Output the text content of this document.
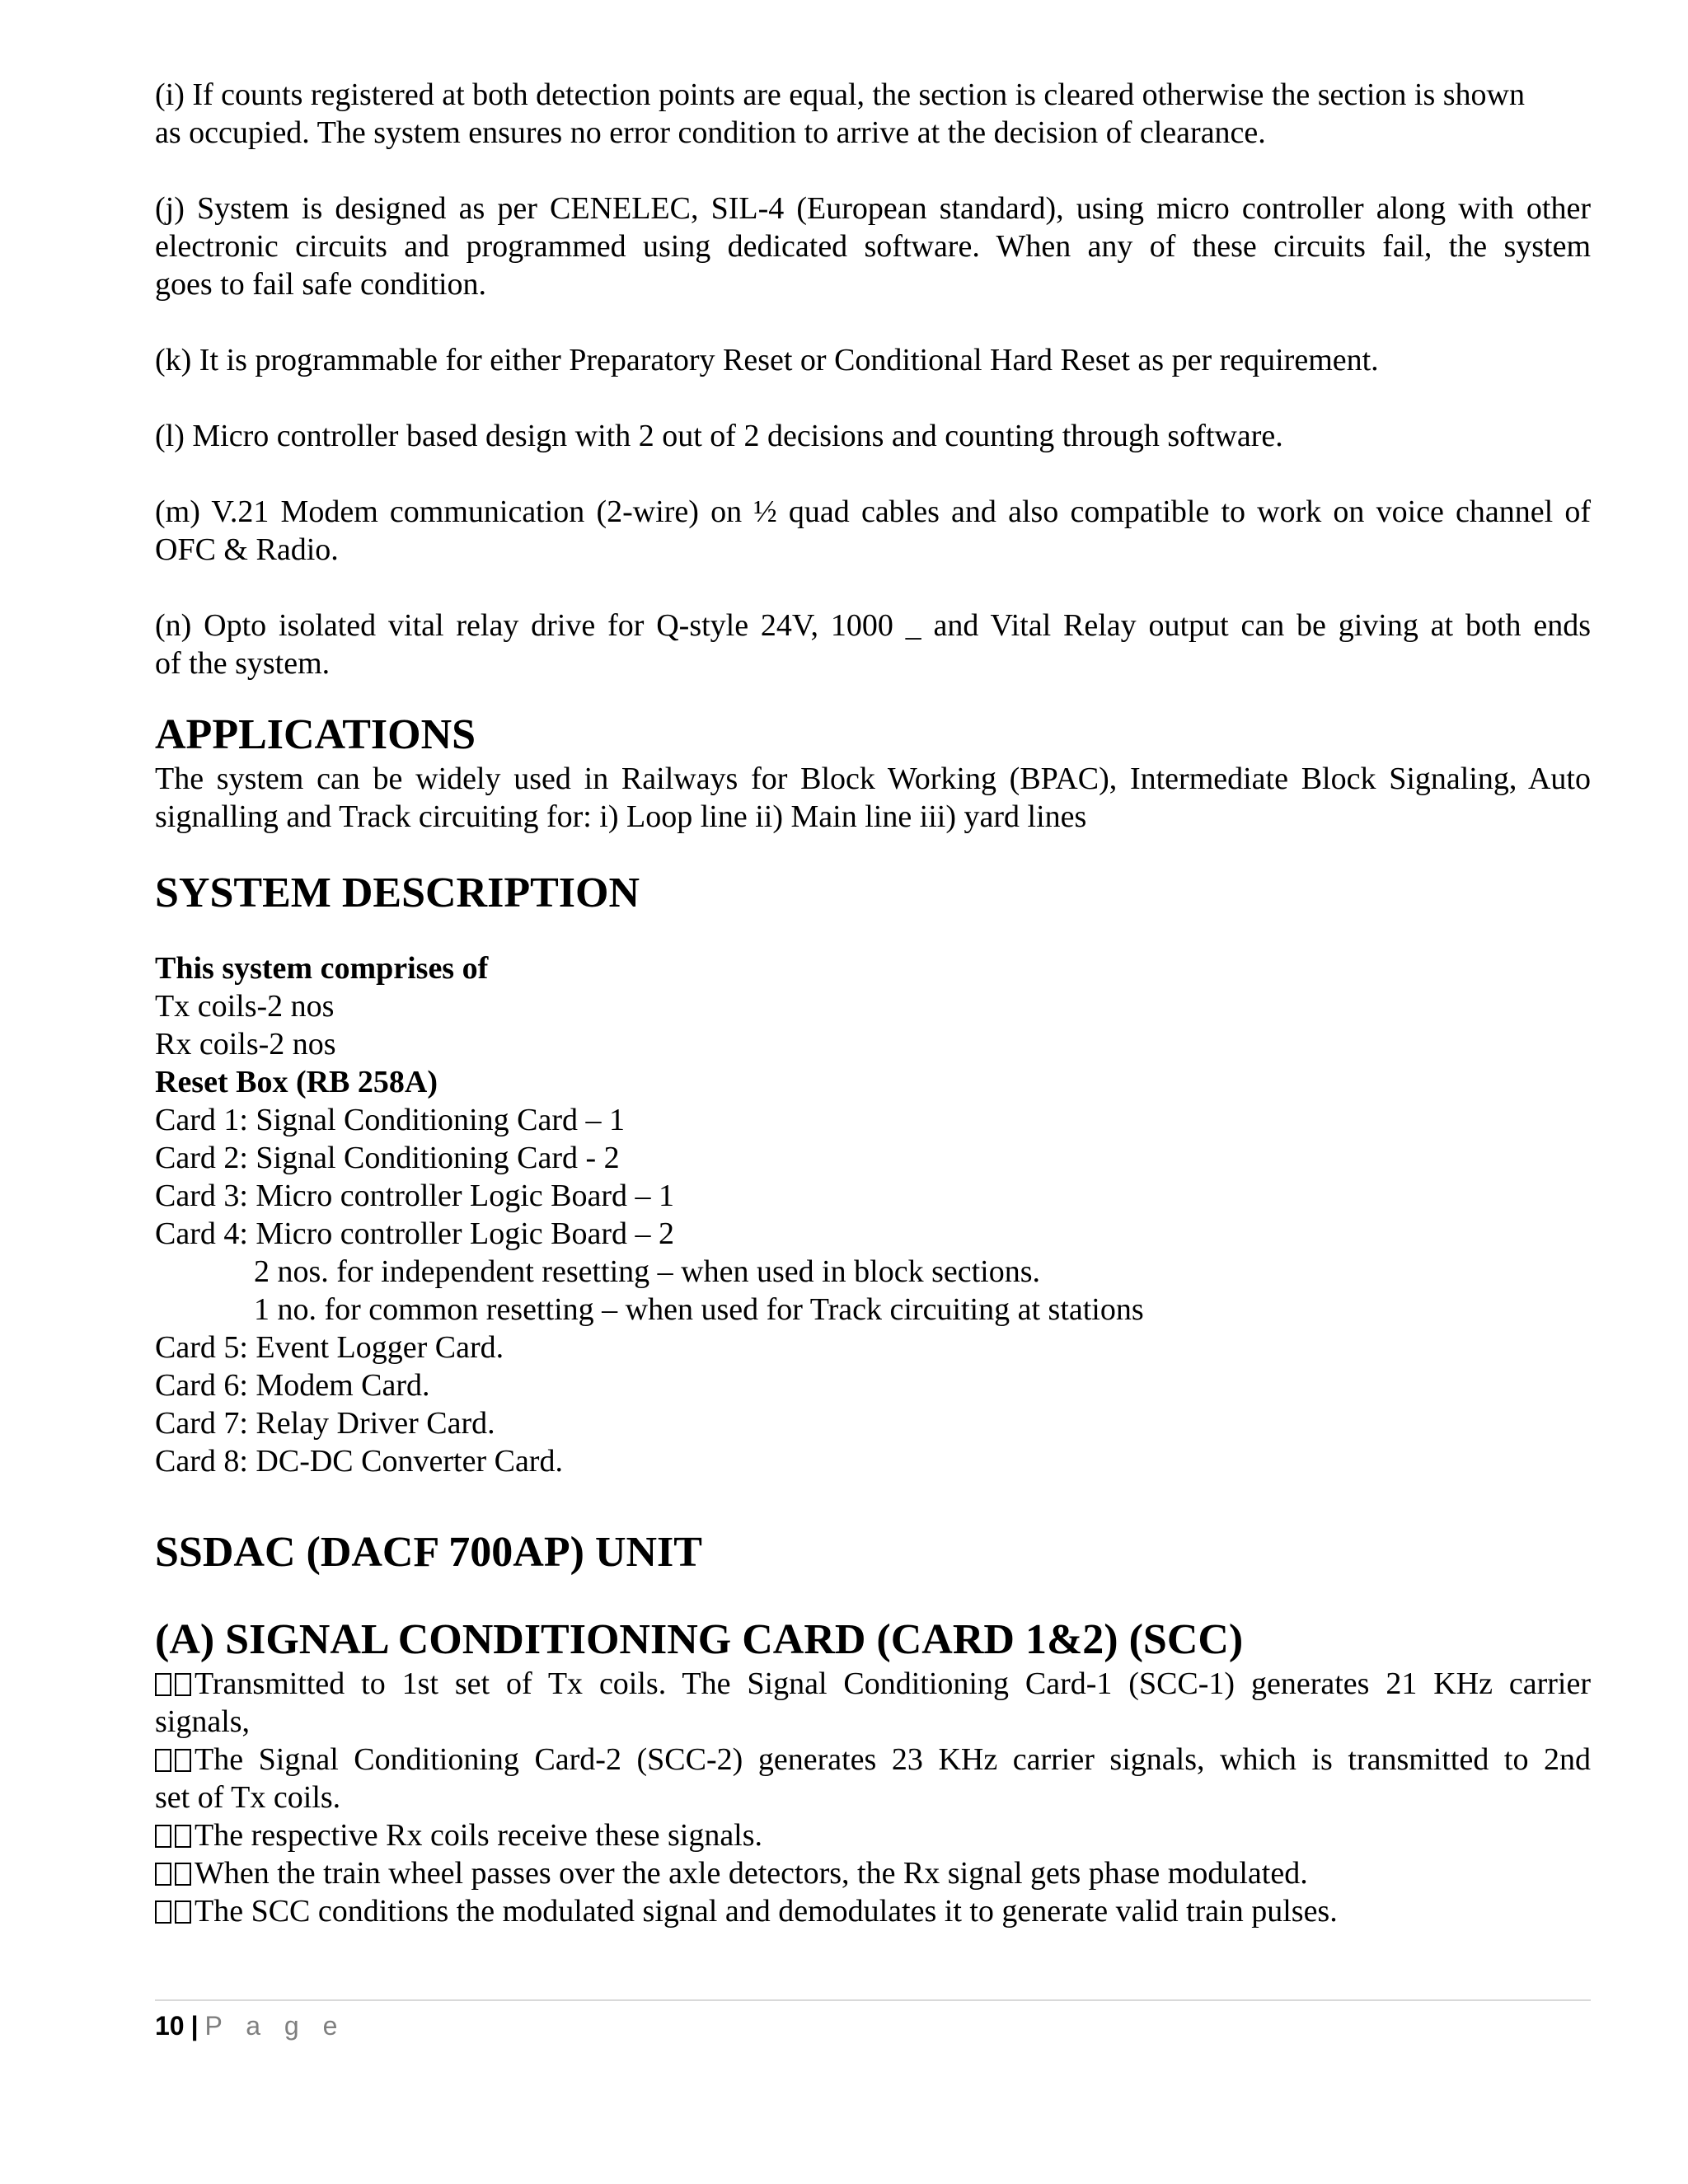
(i) If counts registered at both detection points are equal, the section is cleared otherwise the section is shown
as occupied. The system ensures no error condition to arrive at the decision of clearance.
(j) System is designed as per CENELEC, SIL-4 (European standard), using micro controller along with other
electronic circuits and programmed using dedicated software. When any of these circuits fail, the system
goes to fail safe condition.
(k) It is programmable for either Preparatory Reset or Conditional Hard Reset as per requirement.
(l) Micro controller based design with 2 out of 2 decisions and counting through software.
(m) V.21 Modem communication (2-wire) on ½ quad cables and also compatible to work on voice channel of
OFC & Radio.
(n) Opto isolated vital relay drive for Q-style 24V, 1000 _ and Vital Relay output can be giving at both ends
of the system.
APPLICATIONS
The system can be widely used in Railways for Block Working (BPAC), Intermediate Block Signaling, Auto
signalling and Track circuiting for: i) Loop line ii) Main line iii) yard lines
SYSTEM DESCRIPTION
This system comprises of
Tx coils-2 nos
Rx coils-2 nos
Reset Box (RB 258A)
Card 1: Signal Conditioning Card – 1
Card 2: Signal Conditioning Card - 2
Card 3: Micro controller Logic Board – 1
Card 4: Micro controller Logic Board – 2
2 nos. for independent resetting – when used in block sections.
1 no. for common resetting – when used for Track circuiting at stations
Card 5: Event Logger Card.
Card 6: Modem Card.
Card 7: Relay Driver Card.
Card 8: DC-DC Converter Card.
SSDAC (DACF 700AP) UNIT
(A) SIGNAL CONDITIONING CARD (CARD 1&2) (SCC)
Transmitted to 1st set of Tx coils. The Signal Conditioning Card-1 (SCC-1) generates 21 KHz carrier
signals,
The Signal Conditioning Card-2 (SCC-2) generates 23 KHz carrier signals, which is transmitted to 2nd
set of Tx coils.
The respective Rx coils receive these signals.
When the train wheel passes over the axle detectors, the Rx signal gets phase modulated.
The SCC conditions the modulated signal and demodulates it to generate valid train pulses.
10 | P a g e
